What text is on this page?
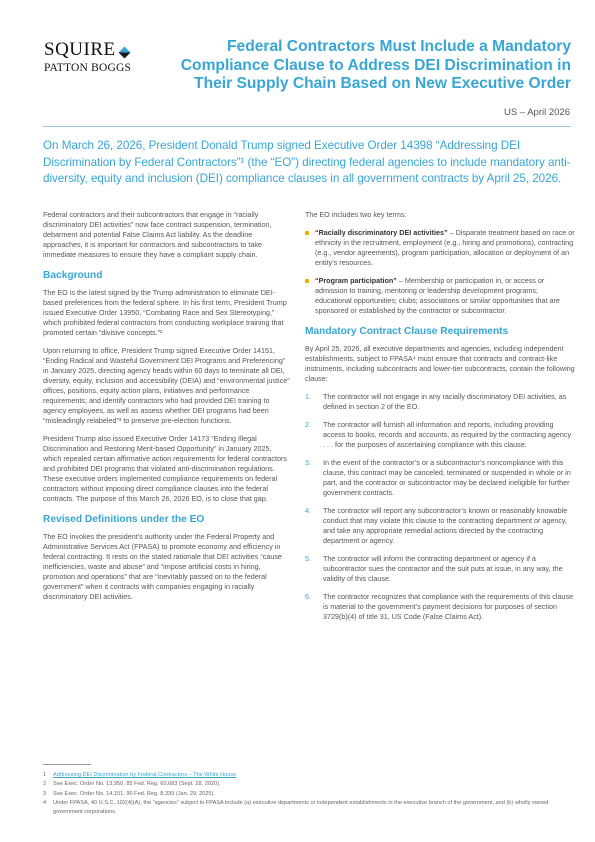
SQUIRE
PATTON BOGGS
Federal Contractors Must Include a Mandatory Compliance Clause to Address DEI Discrimination in Their Supply Chain Based on New Executive Order
US – April 2026
On March 26, 2026, President Donald Trump signed Executive Order 14398 “Addressing DEI Discrimination by Federal Contractors”¹ (the “EO”) directing federal agencies to include mandatory anti-diversity, equity and inclusion (DEI) compliance clauses in all government contracts by April 25, 2026.

Federal contractors and their subcontractors that engage in “racially discriminatory DEI activities” now face contract suspension, termination, debarment and potential False Claims Act liability. As the deadline approaches, it is important for contractors and subcontractors to take immediate measures to ensure they have a compliant supply chain.

Background

The EO is the latest signed by the Trump administration to eliminate DEI-based preferences from the federal sphere. In his first term, President Trump issued Executive Order 13950, “Combating Race and Sex Stereotyping,” which prohibited federal contractors from conducting workplace training that promoted certain “divisive concepts.”²

Upon returning to office, President Trump signed Executive Order 14151, “Ending Radical and Wasteful Government DEI Programs and Preferencing” in January 2025, directing agency heads within 60 days to terminate all DEI, diversity, equity, inclusion and accessibility (DEIA) and “environmental justice” offices, positions, equity action plans, initiatives and performance requirements; and identify contractors who had provided DEI training to agency employees, as well as assess whether DEI programs had been “misleadingly relabeled”³ to preserve pre-election functions.

President Trump also issued Executive Order 14173 “Ending Illegal Discrimination and Restoring Merit-based Opportunity” in January 2025, which repealed certain affirmative action requirements for federal contractors and prohibited DEI programs that violated anti-discrimination regulations. These executive orders implemented compliance requirements on federal contractors without imposing direct compliance clauses into the federal contracts. The purpose of this March 26, 2026 EO, is to close that gap.

Revised Definitions under the EO

The EO invokes the president’s authority under the Federal Property and Administrative Services Act (FPASA) to promote economy and efficiency in federal contracting. It rests on the stated rationale that DEI activities “cause inefficiencies, waste and abuse” and “impose artificial costs in hiring, promotion and operations” that are “inevitably passed on to the federal government” when it contracts with companies engaging in racially discriminatory DEI activities.

The EO includes two key terms:

“Racially discriminatory DEI activities” – Disparate treatment based on race or ethnicity in the recruitment, employment (e.g., hiring and promotions), contracting (e.g., vendor agreements), program participation, allocation or deployment of an entity’s resources.
“Program participation” – Membership or participation in, or access or admission to training, mentoring or leadership development programs; educational opportunities; clubs; associations or similar opportunities that are sponsored or established by the contractor or subcontractor.
Mandatory Contract Clause Requirements

By April 25, 2026, all executive departments and agencies, including independent establishments, subject to FPASA⁴ must ensure that contracts and contract-like instruments, including subcontracts and lower-tier subcontracts, contain the following clause:

1. The contractor will not engage in any racially discriminatory DEI activities, as defined in section 2 of the EO.
2. The contractor will furnish all information and reports, including providing access to books, records and accounts, as required by the contracting agency . . . for the purposes of ascertaining compliance with this clause.
3. In the event of the contractor’s or a subcontractor’s noncompliance with this clause, this contract may be canceled, terminated or suspended in whole or in part, and the contractor or subcontractor may be declared ineligible for further government contracts.
4. The contractor will report any subcontractor’s known or reasonably knowable conduct that may violate this clause to the contracting department or agency, and take any appropriate remedial actions directed by the contracting department or agency.
5. The contractor will inform the contracting department or agency if a subcontractor sues the contractor and the suit puts at issue, in any way, the validity of this clause.
6. The contractor recognizes that compliance with the requirements of this clause is material to the government’s payment decisions for purposes of section 3729(b)(4) of title 31, US Code (False Claims Act).
1	Addressing DEI Discrimination by Federal Contractors – The White House
2	See Exec. Order No. 13,950, 85 Fed. Reg. 60,683 (Sept. 28, 2020).
3	See Exec. Order No. 14,151, 90 Fed. Reg. 8,339 (Jan. 29, 2025).
4	Under FPASA, 40 U.S.C. 102(4)(A), the “agencies” subject to FPASA include (a) executive departments or independent establishments in the executive branch of the government, and (b) wholly owned government corporations.
